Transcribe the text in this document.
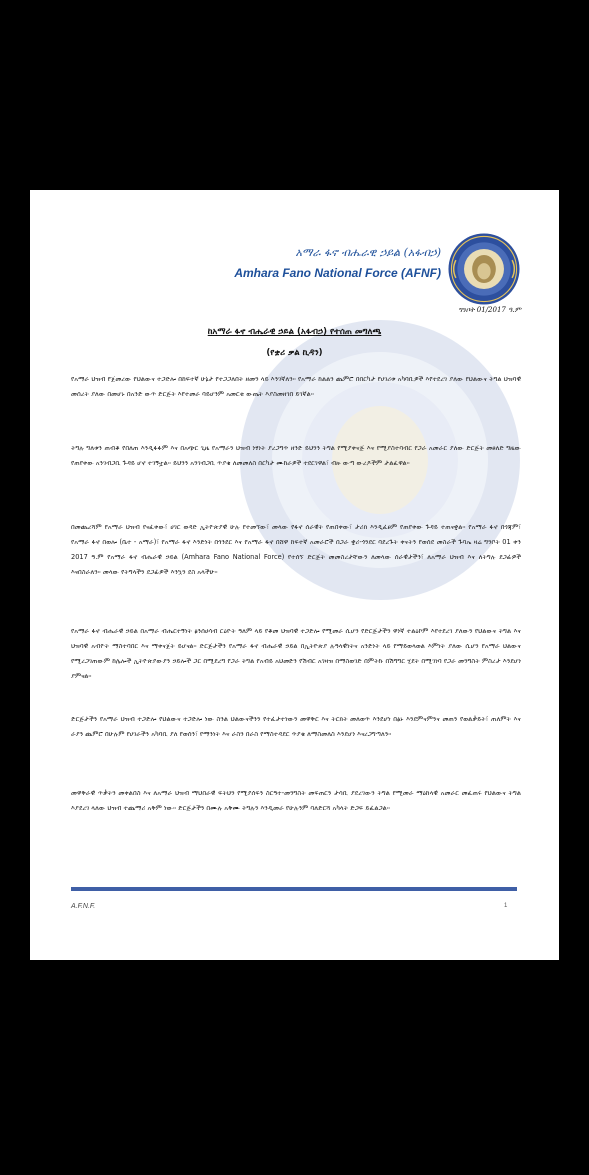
አማራ ፋኖ ብሔራዊ ኃይል (አፋብኃ)
Amhara Fano National Force (AFNF)
ግንቦት 01/2017 ዓ.ም
ከአማራ ፋኖ ብሔራዊ ኃይል (አፋብኃ) የተሰጠ መግለጫ
(የቋሪ ቃል ኪዳን)

የአማራ ህዝብ የጀመረው የህልውና ተጋድሎ በከፍተኛ ሁኔታ የተጋጋለበት ዘመን ላይ እንገኛለን። የአማራ ከልልን ጨምሮ በበርካታ የሀገሪቱ አካባቢዎች እየተደረገ ያለው የህልውና ትግል ህዝባዊ መሰረት ያለው በመሆኑ በአንድ ውጥ ድርጅት እየተመራ ባይሆንም አመርቂ ውጤት እያስመዘገበ ይገኛል።

ትግሉ ግለቱን ጠብቆ የበለጠ እንዲፋፋም እና በአጭር ጊዜ የአማራን ህዝብ ነፃነት ያረጋግጥ ዘንድ ይህንን ትግል የሚያቀናጅ እና የሚያስተባብር የጋራ አመራር ያለው ድርጅት መፀለድ ግዜው የጠየቀው አንገብጋቢ ጉዳይ ሆኖ ተገኝቷል። ይህንን አንገብጋቢ ጥያቄ ለመመለስ በርካታ ሙከራዎች ተደርገዋል፣ ብዙ ውጣ ውረዶችም ታልፈዋል።

በመጨረሻም የአማራ ህዝብ የናፈቀው፣ ሀገር ወዳድ ኢትዮጵያዊ ሁሉ የተመኘው፣ መላው የፋኖ ሰራዊት የጠበቀው፣ ታሪክ እንዲፈፀም የጠየቀው ጉዳይ ተጠናቋል። የአማራ ፋኖ በጎጃም፣ የአማራ ፋኖ በወሎ (ቤተ - አማራ)፣ የአማራ ፋኖ እንድነት በጎንደር እና የአማራ ፋኖ በሸዋ ከፍተኛ አመራሮች በጋራ ቋሪ-ጎንደር ባደረጉት ቀናትን የወሰደ መስራች ጉባኤ ዛሬ ግንቦት 01 ቀን 2017 ዓ.ም የአማራ ፋኖ ብሔራዊ ኃይል (Amhara Fano National Force) የተሰኘ ድርጅት መመስረታቸውን ለመላው ሰራዊታችን፣ ለአማራ ህዝብ እና ለትግሉ ደጋፊዎች እናበስራለን። መላው የትግላችን ደጋፊዎች እንኳን ደስ አላችሁ።

የአማራ ፋኖ ብሔራዊ ኃይል በአማራ ብሔርተኝነት ፅንሰሀሳብ ርዕዮት ዓለም ላይ የቆመ ህዝባዊ ተጋድሎ የሚመራ ሲሆን የድርጅታችን ዋነኛ ተልዕኮም እየተደረገ ያለውን የህልውና ትግል እና ህዝባዊ አብዮት ማስተባበር እና ማቀናጀት ይሆናል። ድርጅታችን የአማራ ፋኖ ብሔራዊ ኃይል በኢትዮጵያ ሉዓላዊነትና አንድነት ላይ የማይወላወል እምነት ያለው ሲሆን የአማራ ህልውና የሚረጋገጠውም ከሌሎች ኢትዮጵያውያን ኃይሎች ጋር በሚደረግ የጋራ ትግል የአብይ አህመድን የሽብር አገዛዝ በማስወገድ በምትኩ በሽግግር ሂደት በሚገነባ የጋራ መንግስት ምስረታ እንደሆነ ያምናል።

ድርጅታችን የአማራ ህዝብ ተጋድሎ የህልውና ተጋድሎ ነው ስንል ህልውናችንን የተፈታተነውን መዋቅር እና ትርክት መለወጥ እንደሆነ በፅኑ እንደምናምንና መጠን የወልቃይት፣ ጠለምት እና ራያን ጨምሮ በሁሉም የሀገራችን አካባቢ ያለ የወሰን፣ የማንነት እና ራስን በራስ የማስተዳደር ጥያቄ ለማስመለስ እንደሆነ እናረጋግጣለን።

መዋቅራዊ ጥቃትን መቀልበስ እና ለአማራ ህዝብ ማህበራዊ ፍትህን የሚያሰፍን ስርዓተ-መንግስት መፍጠርን ታሳቢ ያደረገውን ትግል የሚመራ ማዕከላዊ አመራር መፈጠሩ የህልውና ትግል እያደረገ ላለው ህዝብ ተጨማሪ አቅም ነው። ድርጅታችን በሙሉ አቅሙ ትግሉን እንዲመራ የሁሉንም ባለድርሻ አካላት ድጋፍ ይፈልጋል።

A.F.N.F.	1
